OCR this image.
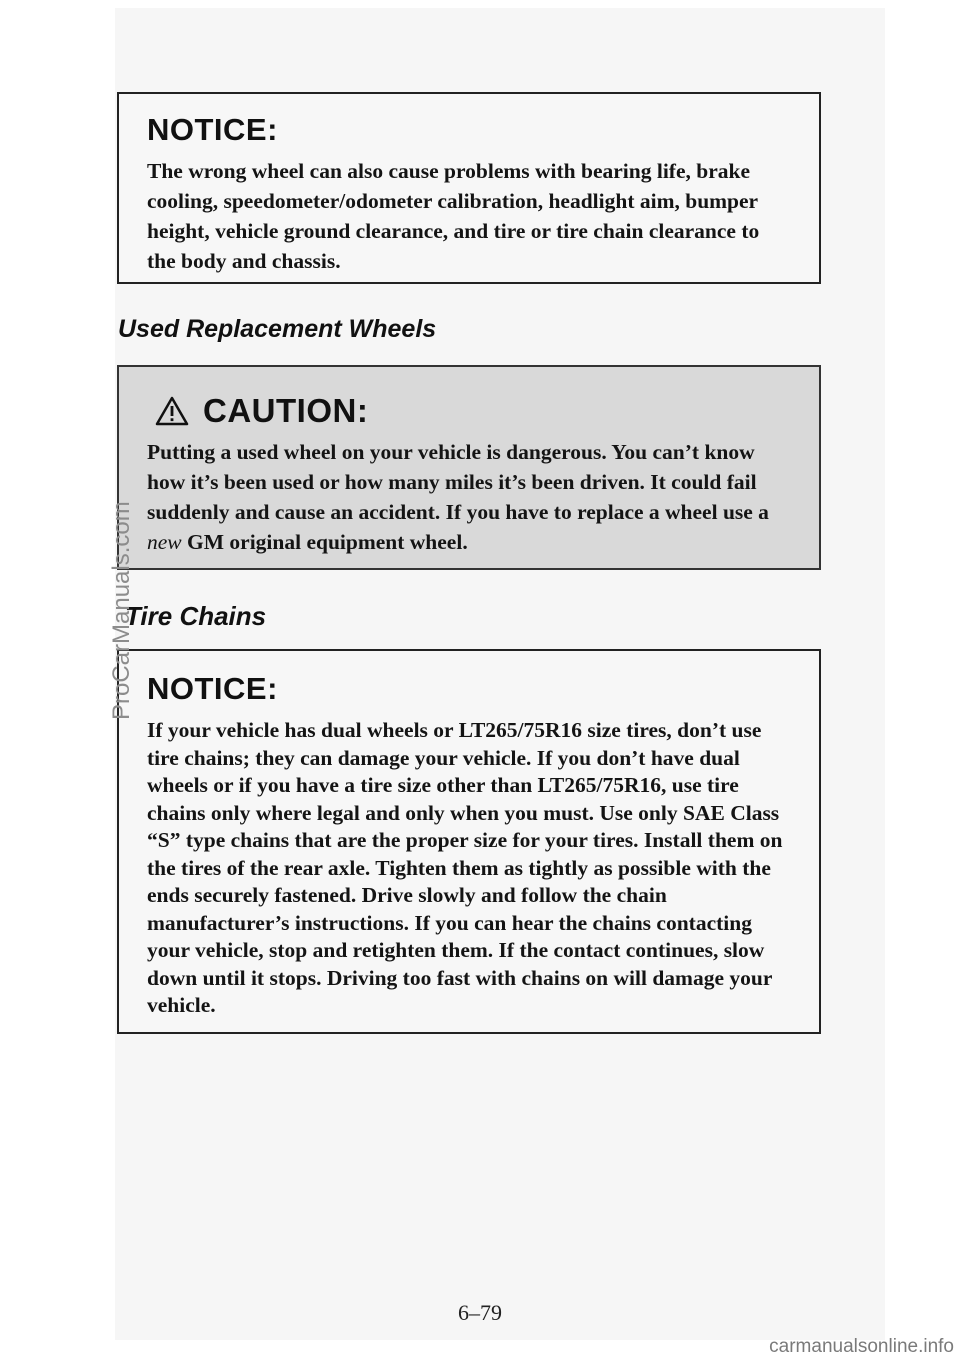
NOTICE:
The wrong wheel can also cause problems with bearing life, brake cooling, speedometer/odometer calibration, headlight aim, bumper height, vehicle ground clearance, and tire or tire chain clearance to the body and chassis.
Used Replacement Wheels
CAUTION:
Putting a used wheel on your vehicle is dangerous. You can’t know how it’s been used or how many miles it’s been driven. It could fail suddenly and cause an accident. If you have to replace a wheel use a new GM original equipment wheel.
Tire Chains
NOTICE:
If your vehicle has dual wheels or LT265/75R16 size tires, don’t use tire chains; they can damage your vehicle. If you don’t have dual wheels or if you have a tire size other than LT265/75R16, use tire chains only where legal and only when you must. Use only SAE Class “S” type chains that are the proper size for your tires. Install them on the tires of the rear axle. Tighten them as tightly as possible with the ends securely fastened. Drive slowly and follow the chain manufacturer’s instructions. If you can hear the chains contacting your vehicle, stop and retighten them. If the contact continues, slow down until it stops. Driving too fast with chains on will damage your vehicle.
6–79
ProCarManuals.com
carmanualsonline.info
